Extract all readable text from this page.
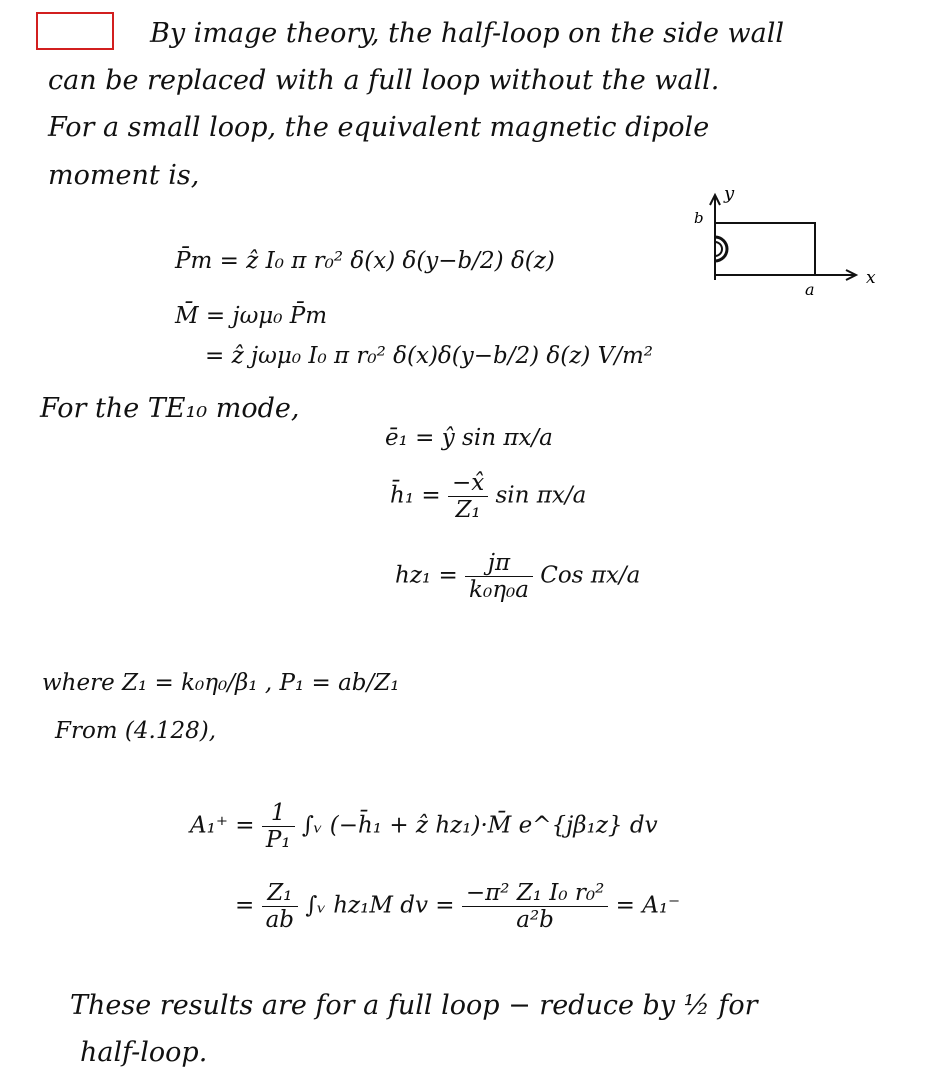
By image theory, the half-loop on the side wall
can be replaced with a full loop without the wall.
For a small loop, the equivalent magnetic dipole
moment is,
y
b
x
a
P̄m = ẑ I₀ π r₀² δ(x) δ(y−b/2) δ(z)
M̄ = jωμ₀ P̄m
= ẑ jωμ₀ I₀ π r₀² δ(x)δ(y−b/2) δ(z) V/m²
For the TE₁₀ mode,
ē₁ = ŷ sin πx/a
h̄₁ = $\frac{-x̂}{\text{Z₁}}$ sin πx/a
$hz_1 = \frac{j\pi}{\text{k₀η₀a}}$ Cos πx/a
where Z₁ = k₀η₀/β₁ , P₁ = ab/Z₁
From (4.128),
$A_1^+ = \frac{1}{\text{P₁}}$ ∫ᵥ (−h̄₁ + ẑ hz₁)·M̄ e^{jβ₁z} dv
= $\frac{\text{Z₁}}{ab}$ ∫ᵥ hz₁M dv = $\frac{\text{−π² Z₁ I₀ r₀²}}{\text{a²b}} = A_1^-$
These results are for a full loop − reduce by ½ for
half-loop.
